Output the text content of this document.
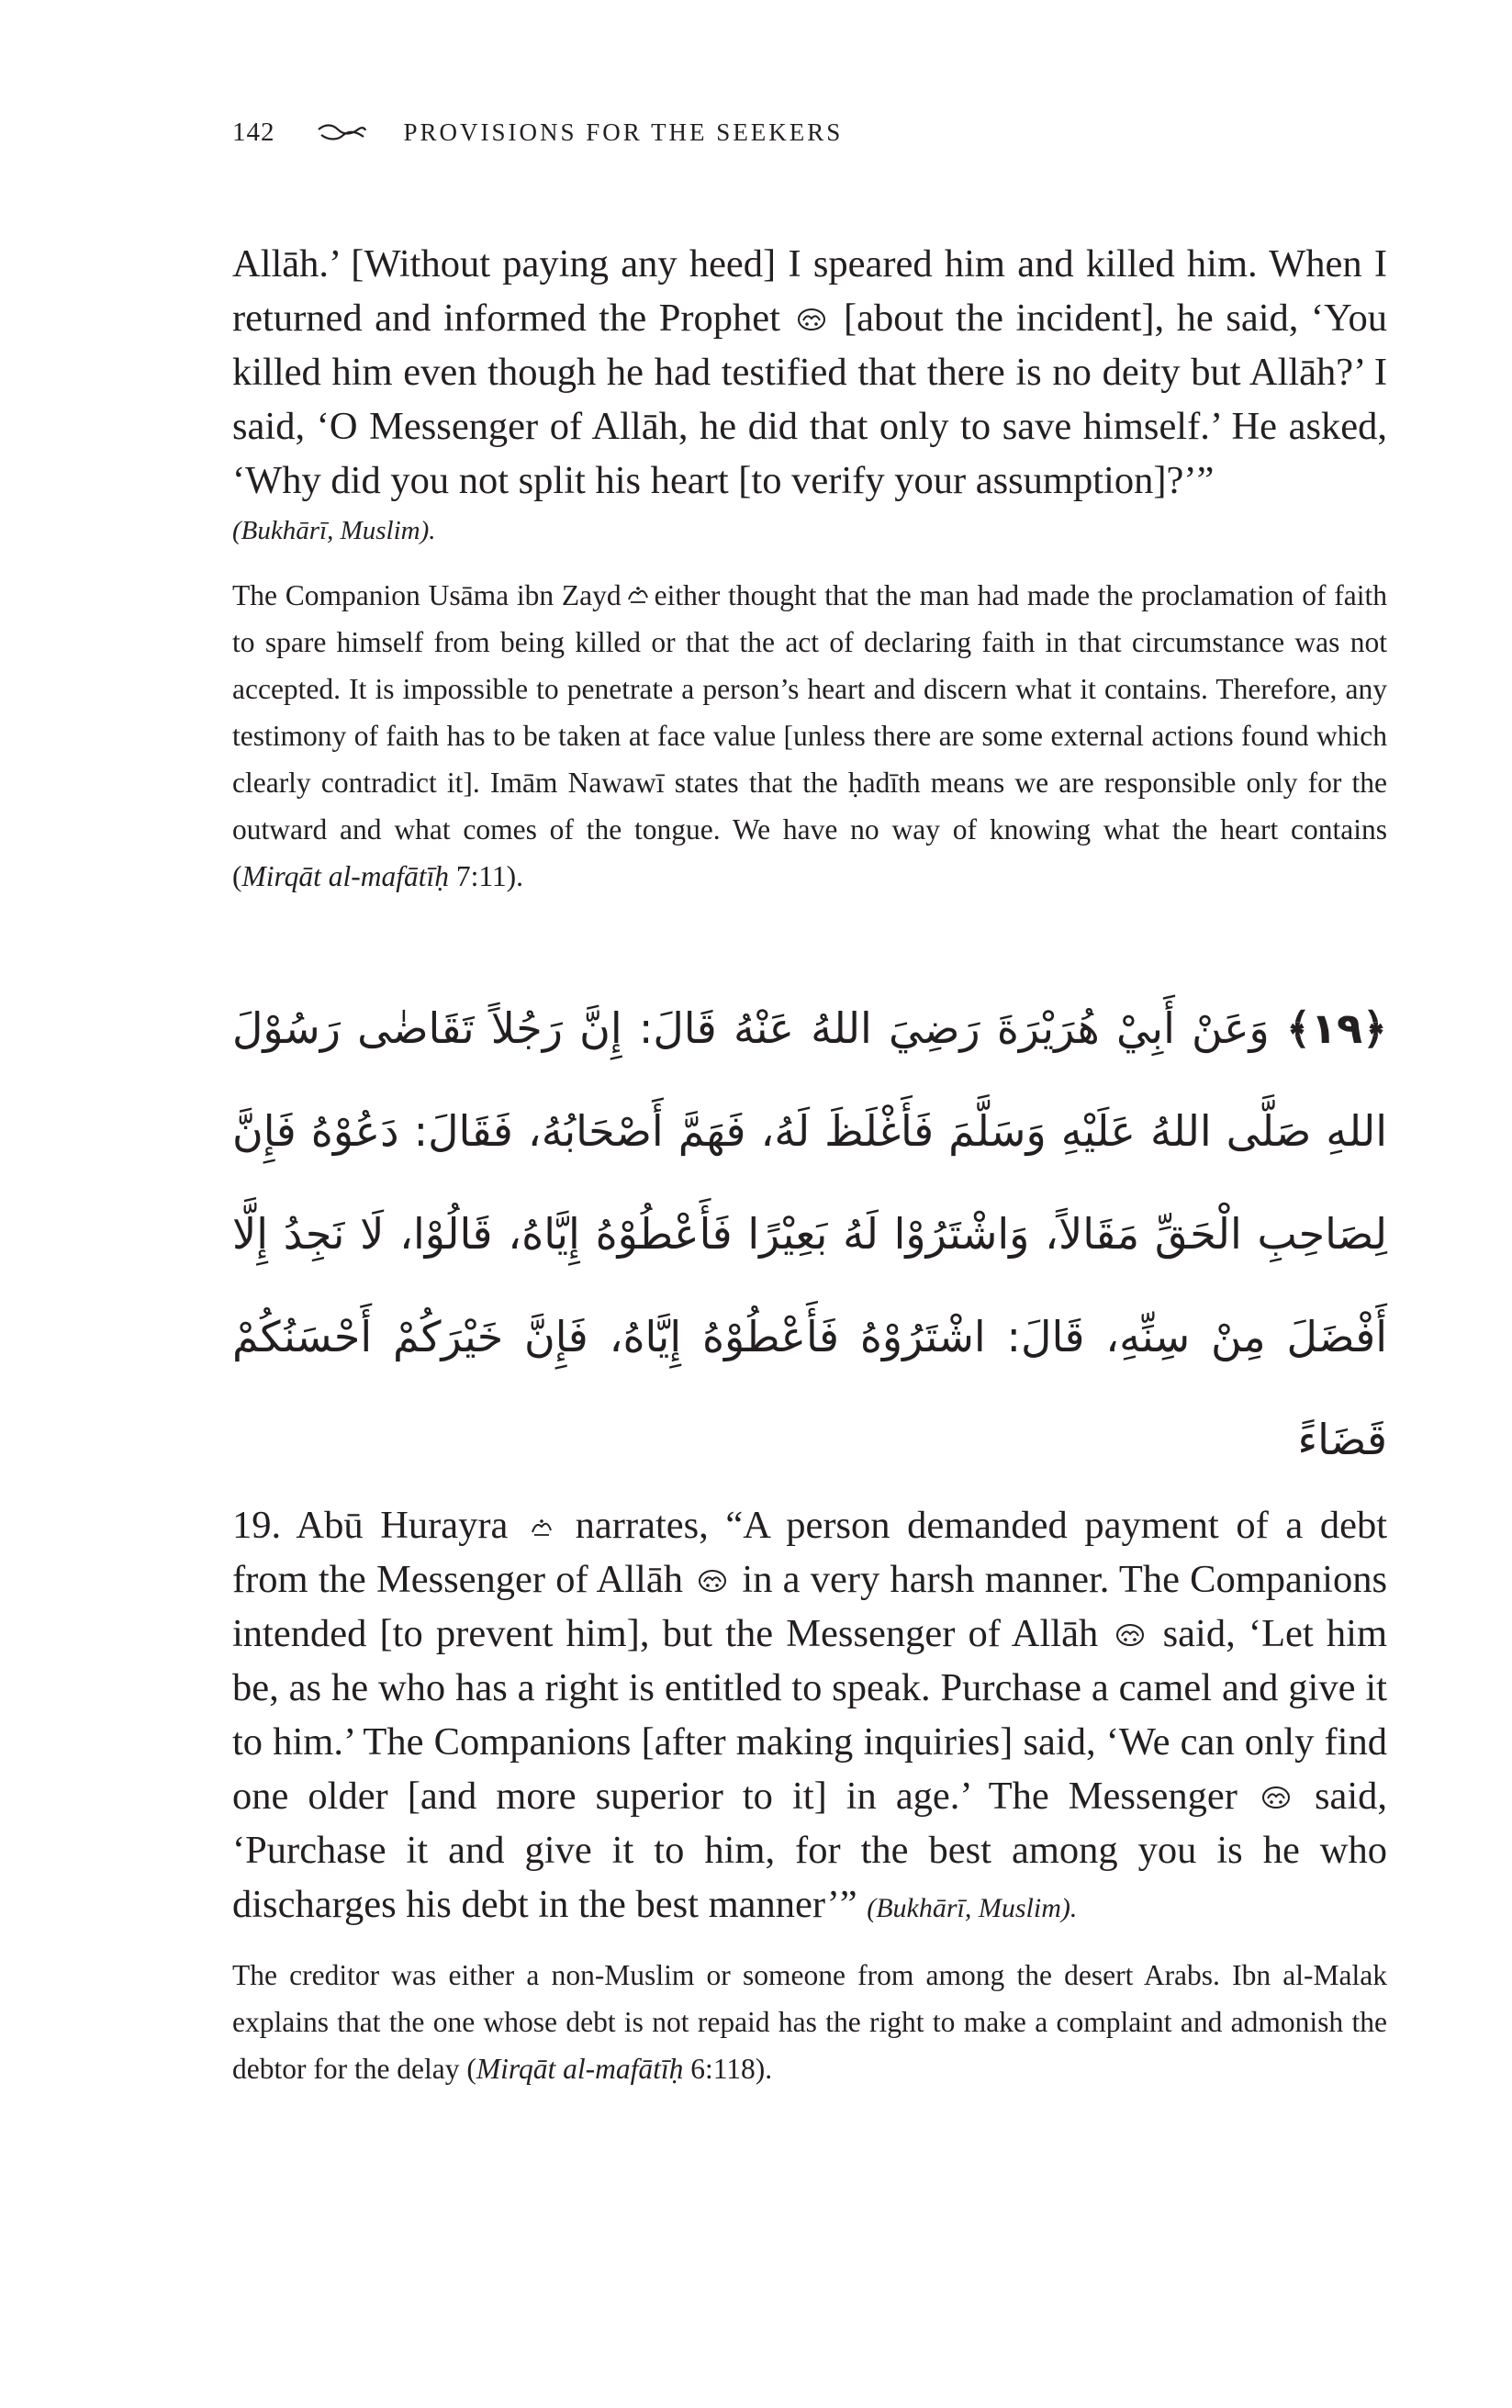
142	PROVISIONS FOR THE SEEKERS

Allāh.’ [Without paying any heed] I speared him and killed him. When I returned and informed the Prophet [about the incident], he said, ‘You killed him even though he had testified that there is no deity but Allāh?’ I said, ‘O Messenger of Allāh, he did that only to save himself.’ He asked, ‘Why did you not split his heart [to verify your assumption]?’”

(Bukhārī, Muslim).

The Companion Usāma ibn Zayd either thought that the man had made the proclamation of faith to spare himself from being killed or that the act of declaring faith in that circumstance was not accepted. It is impossible to penetrate a person’s heart and discern what it contains. Therefore, any testimony of faith has to be taken at face value [unless there are some external actions found which clearly contradict it]. Imām Nawawī states that the ḥadīth means we are responsible only for the outward and what comes of the tongue. We have no way of knowing what the heart contains (Mirqāt al-mafātīḥ 7:11).

﴿١٩﴾ وَعَنْ أَبِيْ هُرَيْرَةَ رَضِيَ اللهُ عَنْهُ قَالَ: إِنَّ رَجُلاً تَقَاضٰى رَسُوْلَ اللهِ صَلَّى اللهُ عَلَيْهِ وَسَلَّمَ فَأَغْلَظَ لَهُ، فَهَمَّ أَصْحَابُهُ، فَقَالَ: دَعُوْهُ فَإِنَّ لِصَاحِبِ الْحَقِّ مَقَالاً، وَاشْتَرُوْا لَهُ بَعِيْرًا فَأَعْطُوْهُ إِيَّاهُ، قَالُوْا، لَا نَجِدُ إِلَّا أَفْضَلَ مِنْ سِنِّهِ، قَالَ: اشْتَرُوْهُ فَأَعْطُوْهُ إِيَّاهُ، فَإِنَّ خَيْرَكُمْ أَحْسَنُكُمْ قَضَاءً

19. Abū Hurayra narrates, “A person demanded payment of a debt from the Messenger of Allāh in a very harsh manner. The Companions intended [to prevent him], but the Messenger of Allāh said, ‘Let him be, as he who has a right is entitled to speak. Purchase a camel and give it to him.’ The Companions [after making inquiries] said, ‘We can only find one older [and more superior to it] in age.’ The Messenger said, ‘Purchase it and give it to him, for the best among you is he who discharges his debt in the best manner’” (Bukhārī, Muslim).

The creditor was either a non-Muslim or someone from among the desert Arabs. Ibn al-Malak explains that the one whose debt is not repaid has the right to make a complaint and admonish the debtor for the delay (Mirqāt al-mafātīḥ 6:118).
